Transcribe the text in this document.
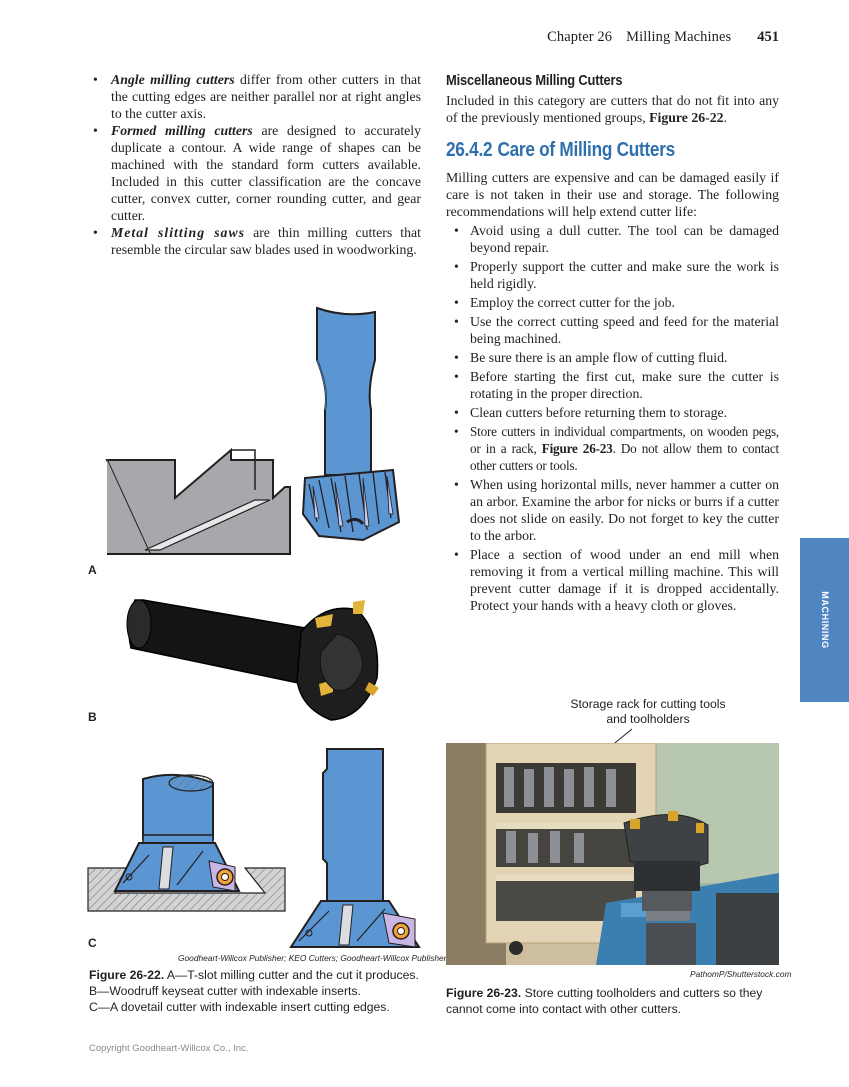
Chapter 26 Milling Machines 451
• Angle milling cutters differ from other cutters in that the cutting edges are neither parallel nor at right angles to the cutter axis.
• Formed milling cutters are designed to accurately duplicate a contour. A wide range of shapes can be machined with the standard form cutters available. Included in this cutter classification are the concave cutter, convex cutter, corner rounding cutter, and gear cutter.
• Metal slitting saws are thin milling cutters that resemble the circular saw blades used in woodworking.
Miscellaneous Milling Cutters

Included in this category are cutters that do not fit into any of the previously mentioned groups, Figure 26-22.

26.4.2 Care of Milling Cutters

Milling cutters are expensive and can be damaged easily if care is not taken in their use and storage. The following recommendations will help extend cutter life:

• Avoid using a dull cutter. The tool can be damaged beyond repair.
• Properly support the cutter and make sure the work is held rigidly.
• Employ the correct cutter for the job.
• Use the correct cutting speed and feed for the material being machined.
• Be sure there is an ample flow of cutting fluid.
• Before starting the first cut, make sure the cutter is rotating in the proper direction.
• Clean cutters before returning them to storage.
• Store cutters in individual compartments, on wooden pegs, or in a rack, Figure 26-23. Do not allow them to contact other cutters or tools.
• When using horizontal mills, never hammer a cutter on an arbor. Examine the arbor for nicks or burrs if a cutter does not slide on easily. Do not forget to key the cutter to the arbor.
• Place a section of wood under an end mill when removing it from a vertical milling machine. This will prevent cutter damage if it is dropped accidentally. Protect your hands with a heavy cloth or gloves.	MACHINING
A
B
C
Goodheart-Willcox Publisher; KEO Cutters; Goodheart-Willcox Publisher
Figure 26-22. A—T-slot milling cutter and the cut it produces.
B—Woodruff keyseat cutter with indexable inserts.
C—A dovetail cutter with indexable insert cutting edges.
Storage rack for cutting tools and toolholders
PathomP/Shutterstock.com
Figure 26-23. Store cutting toolholders and cutters so they cannot come into contact with other cutters.
Copyright Goodheart-Willcox Co., Inc.
